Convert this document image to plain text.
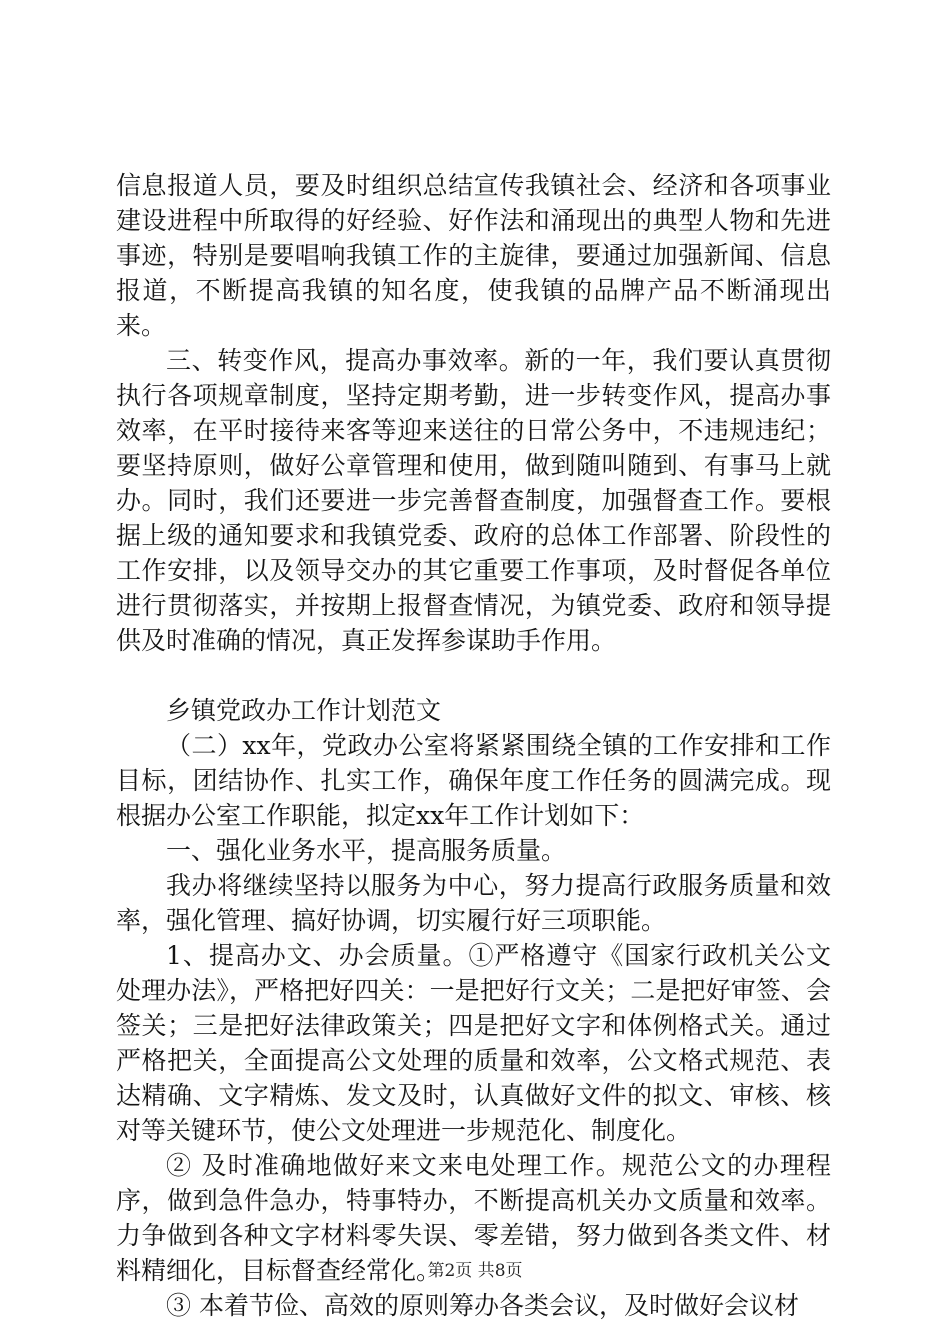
信息报道人员，要及时组织总结宣传我镇社会、经济和各项事业建设进程中所取得的好经验、好作法和涌现出的典型人物和先进事迹，特别是要唱响我镇工作的主旋律，要通过加强新闻、信息报道，不断提高我镇的知名度，使我镇的品牌产品不断涌现出来。

三、转变作风，提高办事效率。新的一年，我们要认真贯彻执行各项规章制度，坚持定期考勤，进一步转变作风，提高办事效率，在平时接待来客等迎来送往的日常公务中，不违规违纪；要坚持原则，做好公章管理和使用，做到随叫随到、有事马上就办。同时，我们还要进一步完善督查制度，加强督查工作。要根据上级的通知要求和我镇党委、政府的总体工作部署、阶段性的工作安排，以及领导交办的其它重要工作事项，及时督促各单位进行贯彻落实，并按期上报督查情况，为镇党委、政府和领导提供及时准确的情况，真正发挥参谋助手作用。

乡镇党政办工作计划范文

（二）xx年，党政办公室将紧紧围绕全镇的工作安排和工作目标，团结协作、扎实工作，确保年度工作任务的圆满完成。现根据办公室工作职能，拟定xx年工作计划如下：

一、强化业务水平，提高服务质量。

我办将继续坚持以服务为中心，努力提高行政服务质量和效率，强化管理、搞好协调，切实履行好三项职能。

1、提高办文、办会质量。①严格遵守《国家行政机关公文处理办法》，严格把好四关：一是把好行文关；二是把好审签、会签关；三是把好法律政策关；四是把好文字和体例格式关。通过严格把关，全面提高公文处理的质量和效率，公文格式规范、表达精确、文字精炼、发文及时，认真做好文件的拟文、审核、核对等关键环节，使公文处理进一步规范化、制度化。

② 及时准确地做好来文来电处理工作。规范公文的办理程序，做到急件急办，特事特办，不断提高机关办文质量和效率。力争做到各种文字材料零失误、零差错，努力做到各类文件、材料精细化，目标督查经常化。

③ 本着节俭、高效的原则筹办各类会议，及时做好会议材

第2页 共8页
